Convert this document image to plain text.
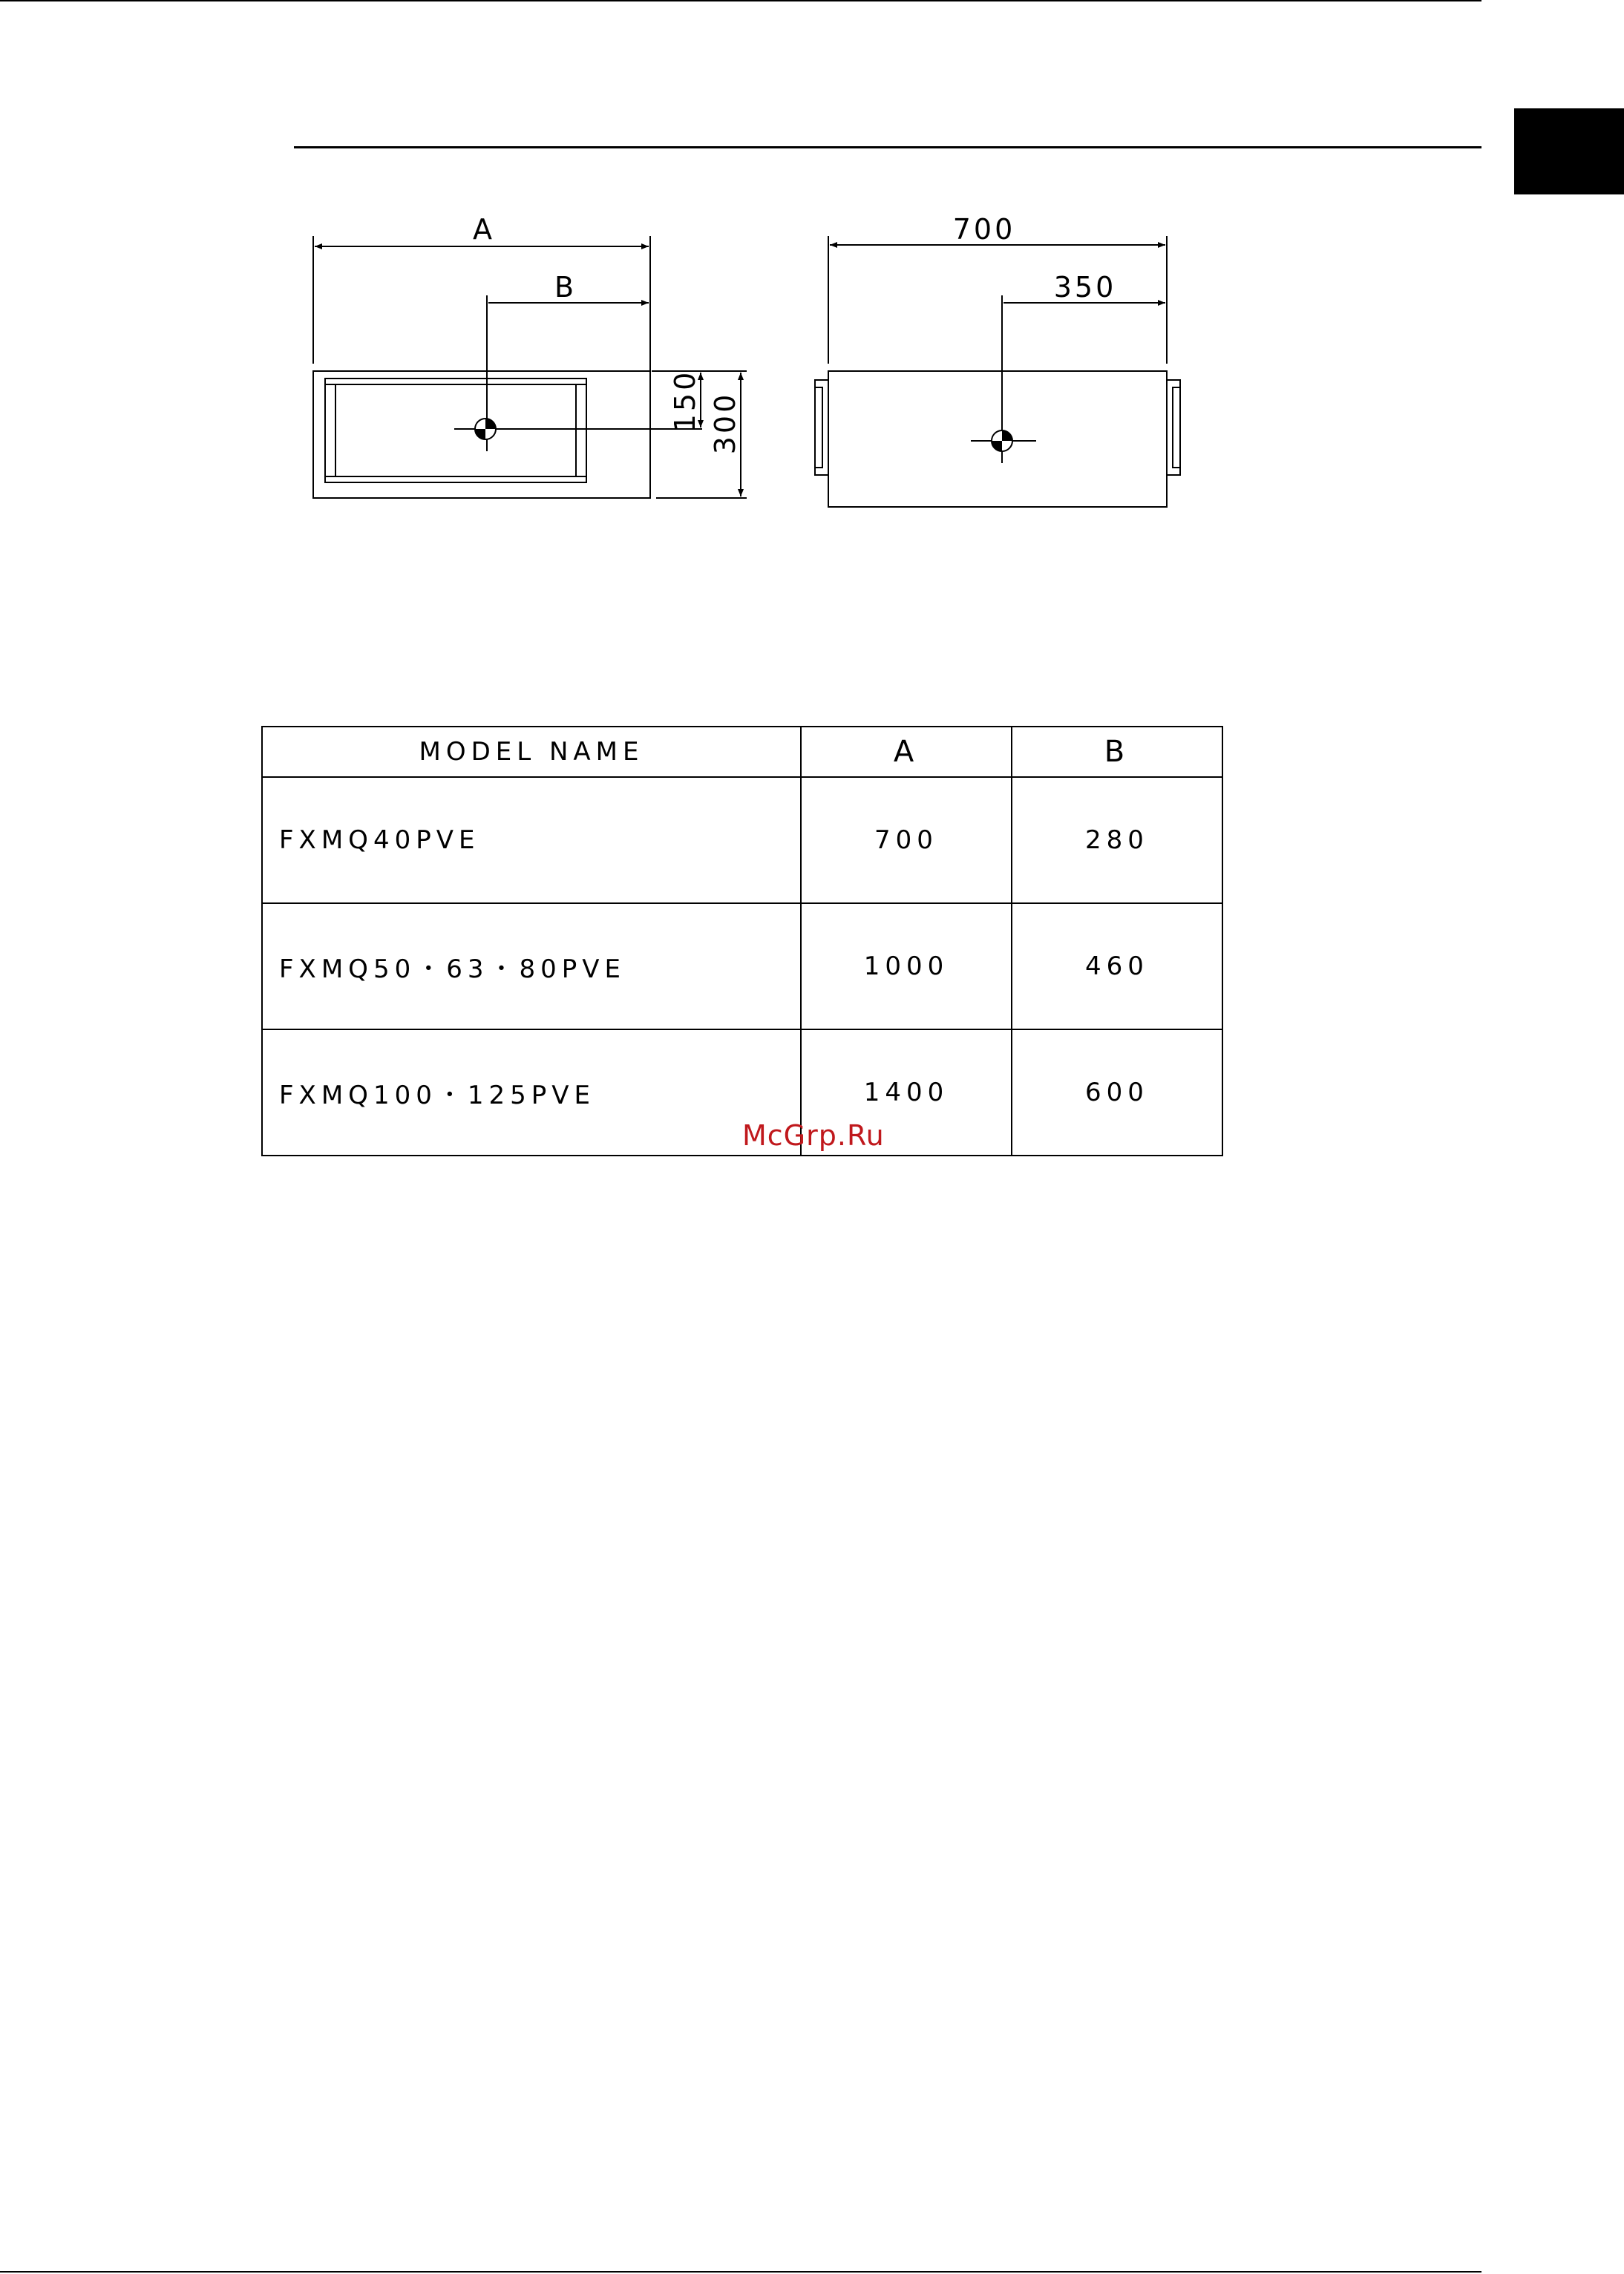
A
B
150 300
700
350
MODEL NAME	A	B
FXMQ40PVE	700	280
FXMQ50・63・80PVE	1000	460
FXMQ100・125PVE	1400	600
McGrp.Ru
